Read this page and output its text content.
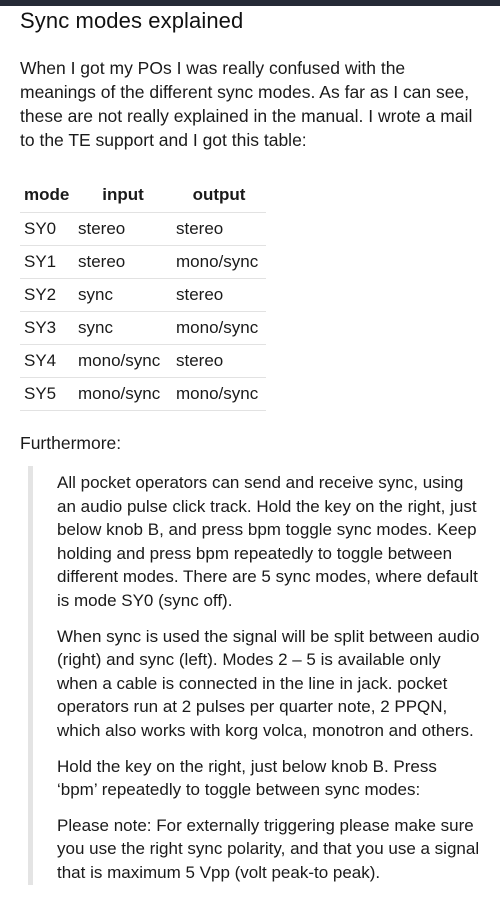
Sync modes explained

When I got my POs I was really confused with the meanings of the different sync modes. As far as I can see, these are not really explained in the manual. I wrote a mail to the TE support and I got this table:

mode	input	output
SY0	stereo	stereo
SY1	stereo	mono/sync
SY2	sync	stereo
SY3	sync	mono/sync
SY4	mono/sync	stereo
SY5	mono/sync	mono/sync

Furthermore:

All pocket operators can send and receive sync, using an audio pulse click track. Hold the key on the right, just below knob B, and press bpm toggle sync modes. Keep holding and press bpm repeatedly to toggle between different modes. There are 5 sync modes, where default is mode SY0 (sync off).

When sync is used the signal will be split between audio (right) and sync (left). Modes 2 – 5 is available only when a cable is connected in the line in jack. pocket operators run at 2 pulses per quarter note, 2 PPQN, which also works with korg volca, monotron and others.

Hold the key on the right, just below knob B. Press ‘bpm’ repeatedly to toggle between sync modes:

Please note: For externally triggering please make sure you use the right sync polarity, and that you use a signal that is maximum 5 Vpp (volt peak-to peak).
